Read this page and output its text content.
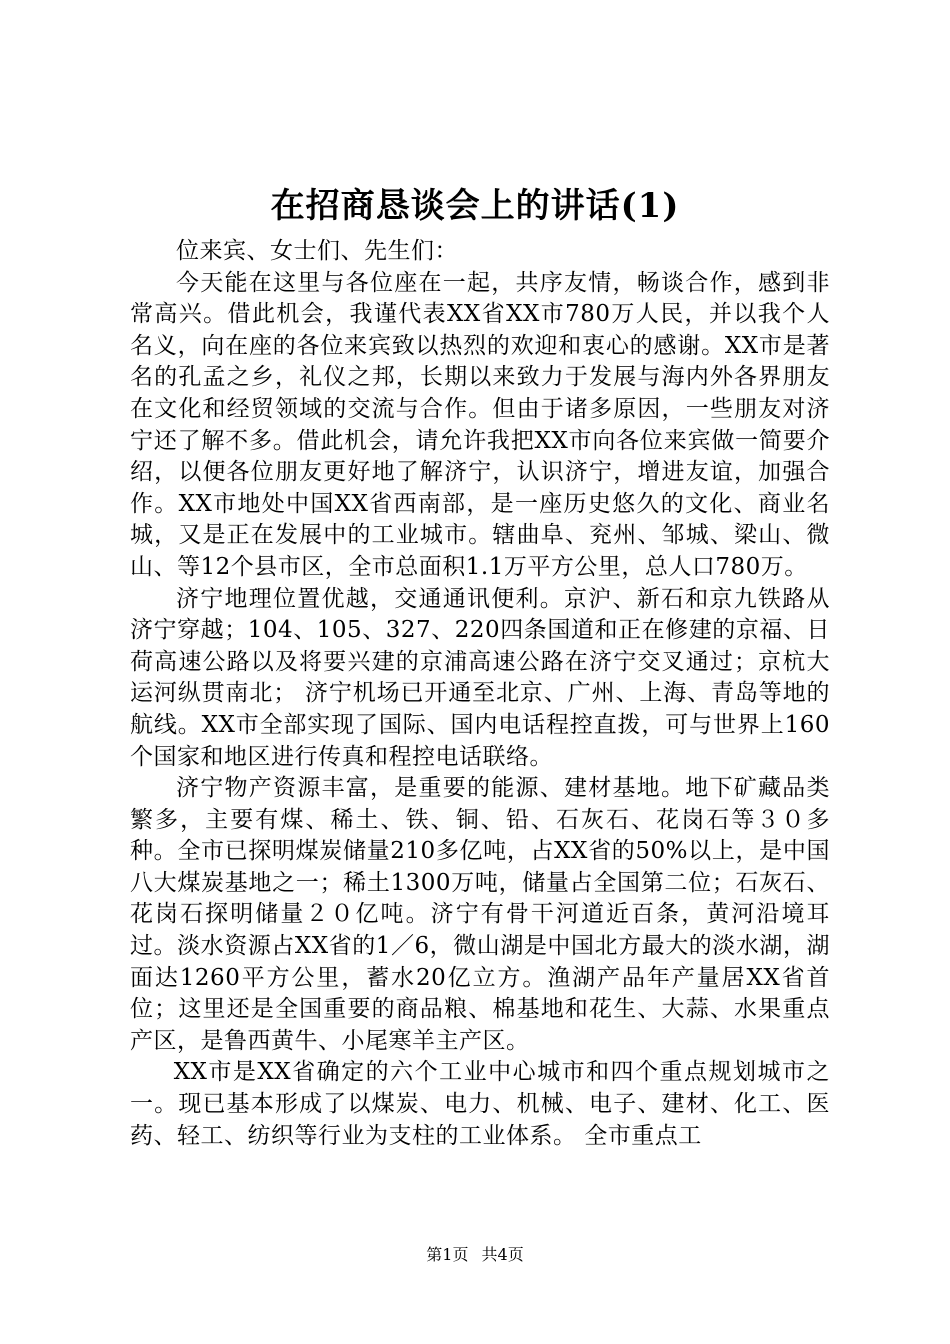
在招商恳谈会上的讲话(1)

位来宾、女士们、先生们：

今天能在这里与各位座在一起，共序友情，畅谈合作，感到非常高兴。借此机会，我谨代表XX省XX市780万人民，并以我个人名义，向在座的各位来宾致以热烈的欢迎和衷心的感谢。XX市是著名的孔孟之乡，礼仪之邦，长期以来致力于发展与海内外各界朋友在文化和经贸领域的交流与合作。但由于诸多原因，一些朋友对济宁还了解不多。借此机会，请允许我把XX市向各位来宾做一简要介绍，以便各位朋友更好地了解济宁，认识济宁，增进友谊，加强合作。XX市地处中国XX省西南部，是一座历史悠久的文化、商业名城，又是正在发展中的工业城市。辖曲阜、兖州、邹城、梁山、微山、等12个县市区，全市总面积1.1万平方公里，总人口780万。

济宁地理位置优越，交通通讯便利。京沪、新石和京九铁路从济宁穿越；104、105、327、220四条国道和正在修建的京福、日荷高速公路以及将要兴建的京浦高速公路在济宁交叉通过；京杭大运河纵贯南北； 济宁机场已开通至北京、广州、上海、青岛等地的航线。XX市全部实现了国际、国内电话程控直拨，可与世界上160个国家和地区进行传真和程控电话联络。

济宁物产资源丰富，是重要的能源、建材基地。地下矿藏品类繁多，主要有煤、稀土、铁、铜、铅、石灰石、花岗石等３０多种。全市已探明煤炭储量210多亿吨，占XX省的50%以上，是中国八大煤炭基地之一；稀土1300万吨，储量占全国第二位；石灰石、花岗石探明储量２０亿吨。济宁有骨干河道近百条，黄河沿境耳过。淡水资源占XX省的1／6，微山湖是中国北方最大的淡水湖，湖面达1260平方公里，蓄水20亿立方。渔湖产品年产量居XX省首位；这里还是全国重要的商品粮、棉基地和花生、大蒜、水果重点产区，是鲁西黄牛、小尾寒羊主产区。

XX市是XX省确定的六个工业中心城市和四个重点规划城市之一。现已基本形成了以煤炭、电力、机械、电子、建材、化工、医药、轻工、纺织等行业为支柱的工业体系。 全市重点工

第1页 共4页
